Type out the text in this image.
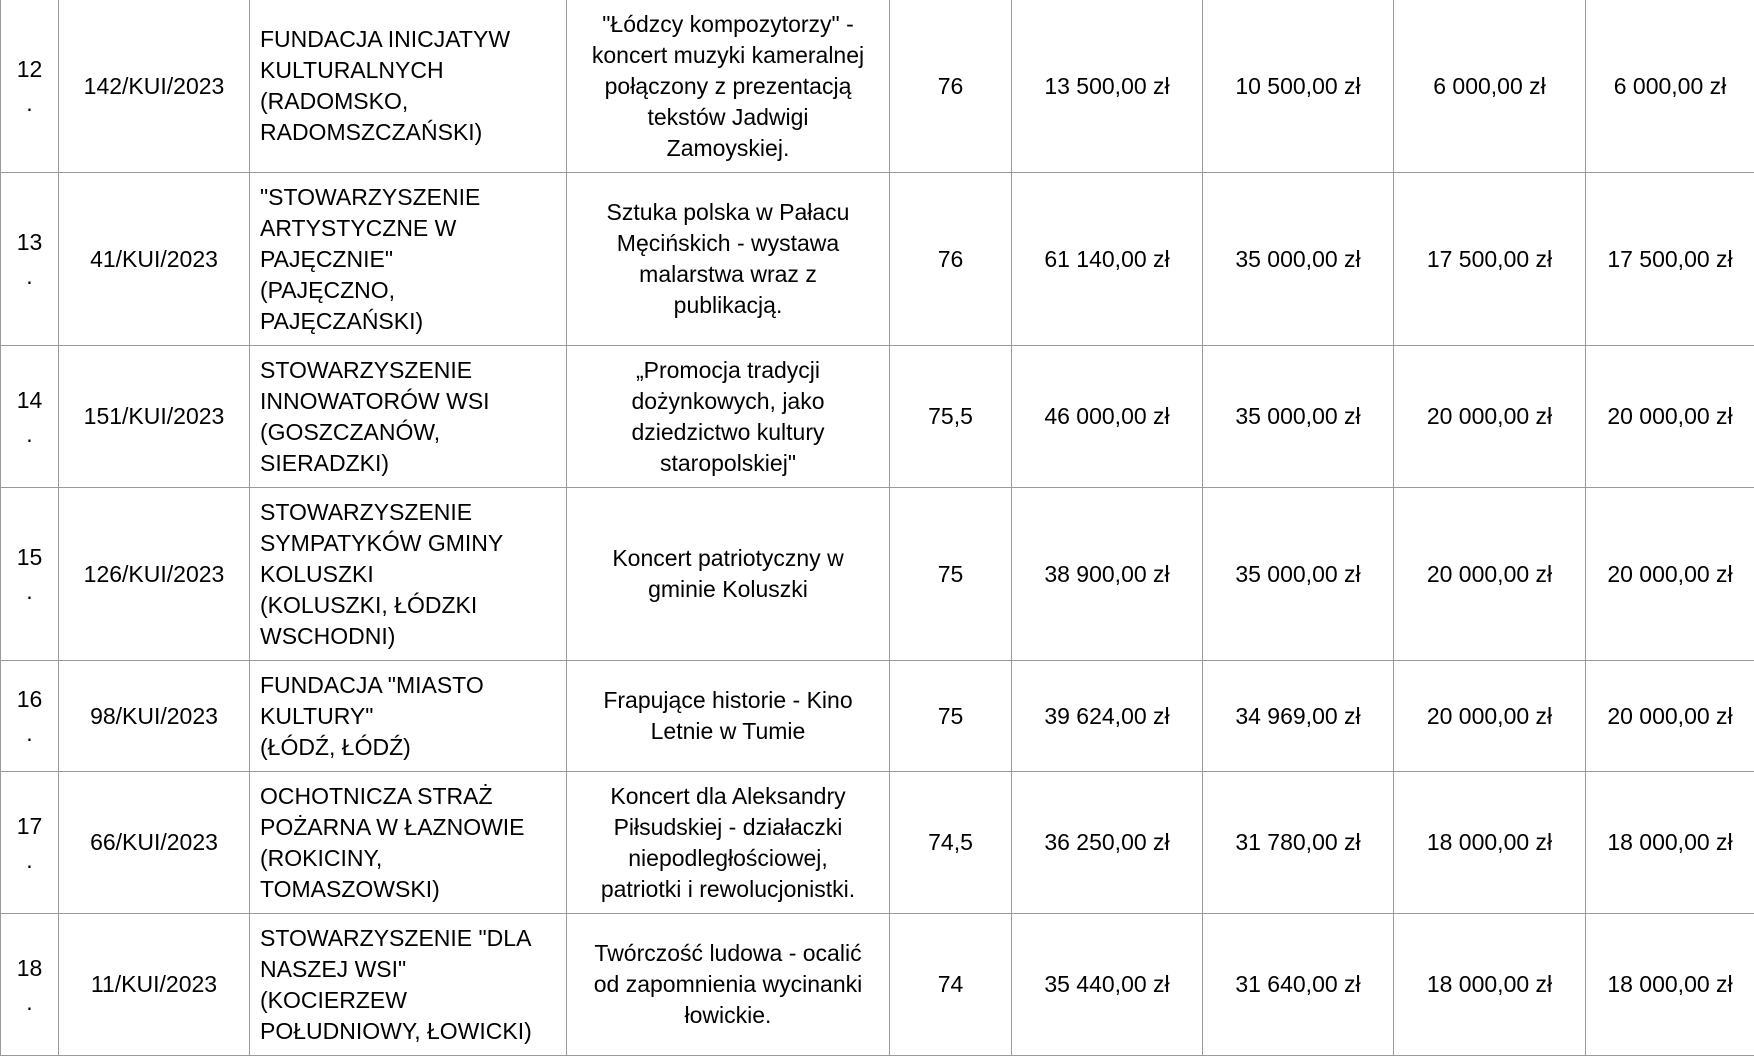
12 .	142/KUI/2023	FUNDACJA INICJATYW
KULTURALNYCH
(RADOMSKO,
RADOMSZCZAŃSKI)	"Łódzcy kompozytorzy" -
koncert muzyki kameralnej
połączony z prezentacją
tekstów Jadwigi
Zamoyskiej.	76	13 500,00 zł	10 500,00 zł	6 000,00 zł	6 000,00 zł
13 .	41/KUI/2023	"STOWARZYSZENIE
ARTYSTYCZNE W
PAJĘCZNIE"
(PAJĘCZNO,
PAJĘCZAŃSKI)	Sztuka polska w Pałacu
Męcińskich - wystawa
malarstwa wraz z
publikacją.	76	61 140,00 zł	35 000,00 zł	17 500,00 zł	17 500,00 zł
14 .	151/KUI/2023	STOWARZYSZENIE
INNOWATORÓW WSI
(GOSZCZANÓW,
SIERADZKI)	„Promocja tradycji
dożynkowych, jako
dziedzictwo kultury
staropolskiej"	75,5	46 000,00 zł	35 000,00 zł	20 000,00 zł	20 000,00 zł
15 .	126/KUI/2023	STOWARZYSZENIE
SYMPATYKÓW GMINY
KOLUSZKI
(KOLUSZKI, ŁÓDZKI
WSCHODNI)	Koncert patriotyczny w
gminie Koluszki	75	38 900,00 zł	35 000,00 zł	20 000,00 zł	20 000,00 zł
16 .	98/KUI/2023	FUNDACJA "MIASTO
KULTURY"
(ŁÓDŹ, ŁÓDŹ)	Frapujące historie - Kino
Letnie w Tumie	75	39 624,00 zł	34 969,00 zł	20 000,00 zł	20 000,00 zł
17 .	66/KUI/2023	OCHOTNICZA STRAŻ
POŻARNA W ŁAZNOWIE
(ROKICINY,
TOMASZOWSKI)	Koncert dla Aleksandry
Piłsudskiej - działaczki
niepodległościowej,
patriotki i rewolucjonistki.	74,5	36 250,00 zł	31 780,00 zł	18 000,00 zł	18 000,00 zł
18 .	11/KUI/2023	STOWARZYSZENIE "DLA
NASZEJ WSI"
(KOCIERZEW
POŁUDNIOWY, ŁOWICKI)	Twórczość ludowa - ocalić
od zapomnienia wycinanki
łowickie.	74	35 440,00 zł	31 640,00 zł	18 000,00 zł	18 000,00 zł
